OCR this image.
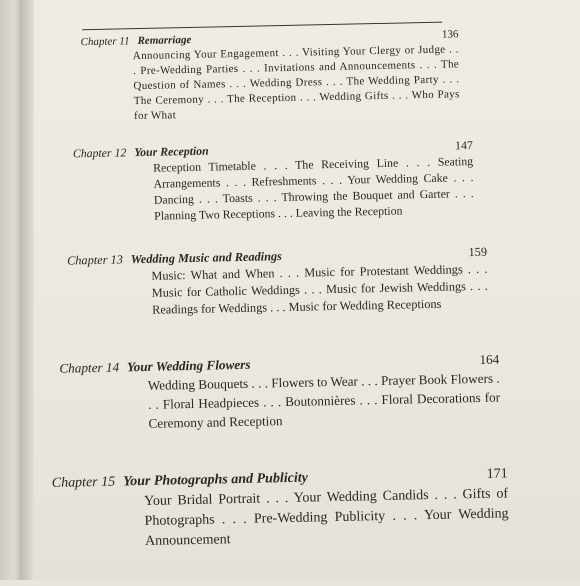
Chapter 11 Remarriage	136
Announcing Your Engagement . . . Visiting Your Clergy or Judge . . . Pre-Wedding Parties . . . Invitations and Announcements . . . The Question of Names . . . Wedding Dress . . . The Wedding Party . . . The Ceremony . . . The Reception . . . Wedding Gifts . . . Who Pays for What
Chapter 12 Your Reception	147
Reception Timetable . . . The Receiving Line . . . Seating Arrangements . . . Refreshments . . . Your Wedding Cake . . . Dancing . . . Toasts . . . Throwing the Bouquet and Garter . . . Planning Two Receptions . . . Leaving the Reception
Chapter 13 Wedding Music and Readings	159
Music: What and When . . . Music for Protestant Weddings . . . Music for Catholic Weddings . . . Music for Jewish Weddings . . . Readings for Weddings . . . Music for Wedding Receptions
Chapter 14 Your Wedding Flowers	164
Wedding Bouquets . . . Flowers to Wear . . . Prayer Book Flowers . . . Floral Headpieces . . . Boutonnières . . . Floral Decorations for Ceremony and Reception
Chapter 15 Your Photographs and Publicity	171
Your Bridal Portrait . . . Your Wedding Candids . . . Gifts of Photographs . . . Pre-Wedding Publicity . . . Your Wedding Announcement
